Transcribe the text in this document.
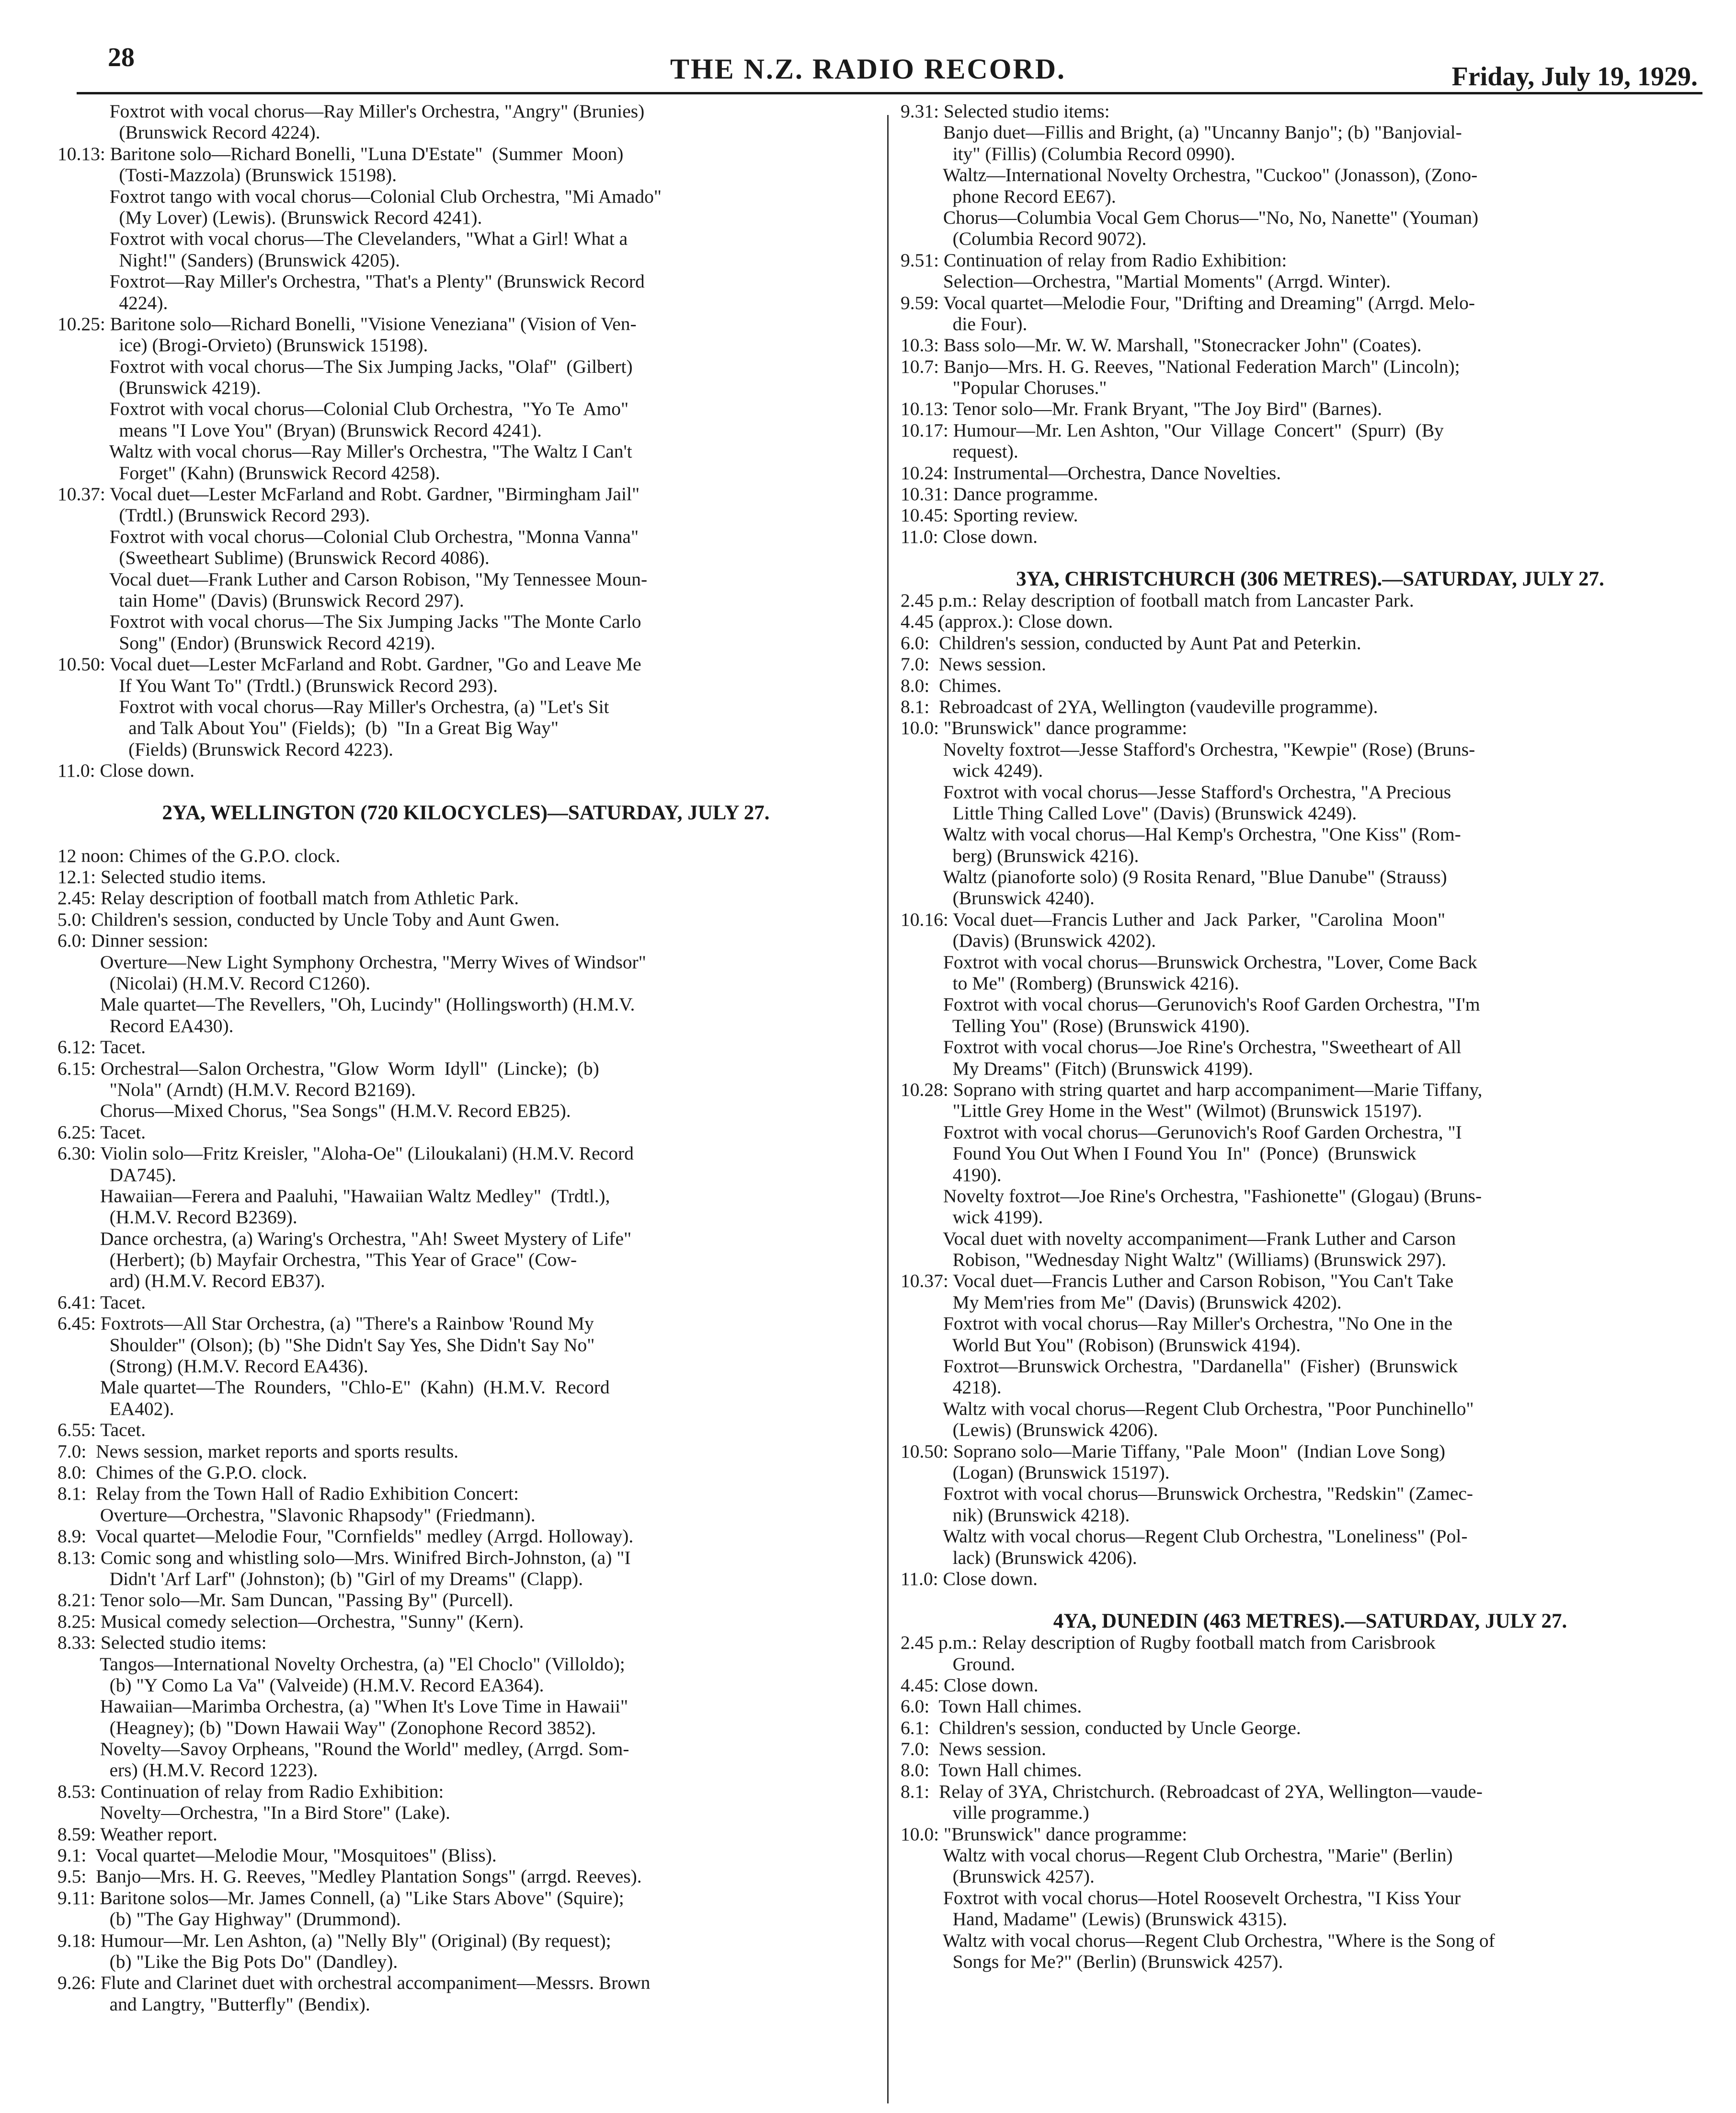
28	THE N.Z. RADIO RECORD.	Friday, July 19, 1929.
Foxtrot with vocal chorus—Ray Miller's Orchestra, "Angry" (Brunies)
(Brunswick Record 4224).
10.13: Baritone solo—Richard Bonelli, "Luna D'Estate"  (Summer  Moon)
(Tosti-Mazzola) (Brunswick 15198).
Foxtrot tango with vocal chorus—Colonial Club Orchestra, "Mi Amado"
(My Lover) (Lewis). (Brunswick Record 4241).
Foxtrot with vocal chorus—The Clevelanders, "What a Girl! What a
Night!" (Sanders) (Brunswick 4205).
Foxtrot—Ray Miller's Orchestra, "That's a Plenty" (Brunswick Record
4224).
10.25: Baritone solo—Richard Bonelli, "Visione Veneziana" (Vision of Ven-
ice) (Brogi-Orvieto) (Brunswick 15198).
Foxtrot with vocal chorus—The Six Jumping Jacks, "Olaf"  (Gilbert)
(Brunswick 4219).
Foxtrot with vocal chorus—Colonial Club Orchestra,  "Yo Te  Amo"
means "I Love You" (Bryan) (Brunswick Record 4241).
Waltz with vocal chorus—Ray Miller's Orchestra, "The Waltz I Can't
Forget" (Kahn) (Brunswick Record 4258).
10.37: Vocal duet—Lester McFarland and Robt. Gardner, "Birmingham Jail"
(Trdtl.) (Brunswick Record 293).
Foxtrot with vocal chorus—Colonial Club Orchestra, "Monna Vanna"
(Sweetheart Sublime) (Brunswick Record 4086).
Vocal duet—Frank Luther and Carson Robison, "My Tennessee Moun-
tain Home" (Davis) (Brunswick Record 297).
Foxtrot with vocal chorus—The Six Jumping Jacks "The Monte Carlo
Song" (Endor) (Brunswick Record 4219).
10.50: Vocal duet—Lester McFarland and Robt. Gardner, "Go and Leave Me
If You Want To" (Trdtl.) (Brunswick Record 293).
Foxtrot with vocal chorus—Ray Miller's Orchestra, (a) "Let's Sit
and Talk About You" (Fields);  (b)  "In a Great Big Way"
(Fields) (Brunswick Record 4223).
11.0: Close down.
2YA, WELLINGTON (720 KILOCYCLES)—SATURDAY, JULY 27.
12 noon: Chimes of the G.P.O. clock.
12.1: Selected studio items.
2.45: Relay description of football match from Athletic Park.
5.0: Children's session, conducted by Uncle Toby and Aunt Gwen.
6.0: Dinner session:
Overture—New Light Symphony Orchestra, "Merry Wives of Windsor"
(Nicolai) (H.M.V. Record C1260).
Male quartet—The Revellers, "Oh, Lucindy" (Hollingsworth) (H.M.V.
Record EA430).
6.12: Tacet.
6.15: Orchestral—Salon Orchestra, "Glow  Worm  Idyll"  (Lincke);  (b)
"Nola" (Arndt) (H.M.V. Record B2169).
Chorus—Mixed Chorus, "Sea Songs" (H.M.V. Record EB25).
6.25: Tacet.
6.30: Violin solo—Fritz Kreisler, "Aloha-Oe" (Liloukalani) (H.M.V. Record
DA745).
Hawaiian—Ferera and Paaluhi, "Hawaiian Waltz Medley"  (Trdtl.),
(H.M.V. Record B2369).
Dance orchestra, (a) Waring's Orchestra, "Ah! Sweet Mystery of Life"
(Herbert); (b) Mayfair Orchestra, "This Year of Grace" (Cow-
ard) (H.M.V. Record EB37).
6.41: Tacet.
6.45: Foxtrots—All Star Orchestra, (a) "There's a Rainbow 'Round My
Shoulder" (Olson); (b) "She Didn't Say Yes, She Didn't Say No"
(Strong) (H.M.V. Record EA436).
Male quartet—The  Rounders,  "Chlo-E"  (Kahn)  (H.M.V.  Record
EA402).
6.55: Tacet.
7.0:  News session, market reports and sports results.
8.0:  Chimes of the G.P.O. clock.
8.1:  Relay from the Town Hall of Radio Exhibition Concert:
Overture—Orchestra, "Slavonic Rhapsody" (Friedmann).
8.9:  Vocal quartet—Melodie Four, "Cornfields" medley (Arrgd. Holloway).
8.13: Comic song and whistling solo—Mrs. Winifred Birch-Johnston, (a) "I
Didn't 'Arf Larf" (Johnston); (b) "Girl of my Dreams" (Clapp).
8.21: Tenor solo—Mr. Sam Duncan, "Passing By" (Purcell).
8.25: Musical comedy selection—Orchestra, "Sunny" (Kern).
8.33: Selected studio items:
Tangos—International Novelty Orchestra, (a) "El Choclo" (Villoldo);
(b) "Y Como La Va" (Valveide) (H.M.V. Record EA364).
Hawaiian—Marimba Orchestra, (a) "When It's Love Time in Hawaii"
(Heagney); (b) "Down Hawaii Way" (Zonophone Record 3852).
Novelty—Savoy Orpheans, "Round the World" medley, (Arrgd. Som-
ers) (H.M.V. Record 1223).
8.53: Continuation of relay from Radio Exhibition:
Novelty—Orchestra, "In a Bird Store" (Lake).
8.59: Weather report.
9.1:  Vocal quartet—Melodie Mour, "Mosquitoes" (Bliss).
9.5:  Banjo—Mrs. H. G. Reeves, "Medley Plantation Songs" (arrgd. Reeves).
9.11: Baritone solos—Mr. James Connell, (a) "Like Stars Above" (Squire);
(b) "The Gay Highway" (Drummond).
9.18: Humour—Mr. Len Ashton, (a) "Nelly Bly" (Original) (By request);
(b) "Like the Big Pots Do" (Dandley).
9.26: Flute and Clarinet duet with orchestral accompaniment—Messrs. Brown
and Langtry, "Butterfly" (Bendix).
9.31: Selected studio items:
Banjo duet—Fillis and Bright, (a) "Uncanny Banjo"; (b) "Banjovial-
ity" (Fillis) (Columbia Record 0990).
Waltz—International Novelty Orchestra, "Cuckoo" (Jonasson), (Zono-
phone Record EE67).
Chorus—Columbia Vocal Gem Chorus—"No, No, Nanette" (Youman)
(Columbia Record 9072).
9.51: Continuation of relay from Radio Exhibition:
Selection—Orchestra, "Martial Moments" (Arrgd. Winter).
9.59: Vocal quartet—Melodie Four, "Drifting and Dreaming" (Arrgd. Melo-
die Four).
10.3: Bass solo—Mr. W. W. Marshall, "Stonecracker John" (Coates).
10.7: Banjo—Mrs. H. G. Reeves, "National Federation March" (Lincoln);
"Popular Choruses."
10.13: Tenor solo—Mr. Frank Bryant, "The Joy Bird" (Barnes).
10.17: Humour—Mr. Len Ashton, "Our  Village  Concert"  (Spurr)  (By
request).
10.24: Instrumental—Orchestra, Dance Novelties.
10.31: Dance programme.
10.45: Sporting review.
11.0: Close down.
3YA, CHRISTCHURCH (306 METRES).—SATURDAY, JULY 27.
2.45 p.m.: Relay description of football match from Lancaster Park.
4.45 (approx.): Close down.
6.0:  Children's session, conducted by Aunt Pat and Peterkin.
7.0:  News session.
8.0:  Chimes.
8.1:  Rebroadcast of 2YA, Wellington (vaudeville programme).
10.0: "Brunswick" dance programme:
Novelty foxtrot—Jesse Stafford's Orchestra, "Kewpie" (Rose) (Bruns-
wick 4249).
Foxtrot with vocal chorus—Jesse Stafford's Orchestra, "A Precious
Little Thing Called Love" (Davis) (Brunswick 4249).
Waltz with vocal chorus—Hal Kemp's Orchestra, "One Kiss" (Rom-
berg) (Brunswick 4216).
Waltz (pianoforte solo) (9 Rosita Renard, "Blue Danube" (Strauss)
(Brunswick 4240).
10.16: Vocal duet—Francis Luther and  Jack  Parker,  "Carolina  Moon"
(Davis) (Brunswick 4202).
Foxtrot with vocal chorus—Brunswick Orchestra, "Lover, Come Back
to Me" (Romberg) (Brunswick 4216).
Foxtrot with vocal chorus—Gerunovich's Roof Garden Orchestra, "I'm
Telling You" (Rose) (Brunswick 4190).
Foxtrot with vocal chorus—Joe Rine's Orchestra, "Sweetheart of All
My Dreams" (Fitch) (Brunswick 4199).
10.28: Soprano with string quartet and harp accompaniment—Marie Tiffany,
"Little Grey Home in the West" (Wilmot) (Brunswick 15197).
Foxtrot with vocal chorus—Gerunovich's Roof Garden Orchestra, "I
Found You Out When I Found You  In"  (Ponce)  (Brunswick
4190).
Novelty foxtrot—Joe Rine's Orchestra, "Fashionette" (Glogau) (Bruns-
wick 4199).
Vocal duet with novelty accompaniment—Frank Luther and Carson
Robison, "Wednesday Night Waltz" (Williams) (Brunswick 297).
10.37: Vocal duet—Francis Luther and Carson Robison, "You Can't Take
My Mem'ries from Me" (Davis) (Brunswick 4202).
Foxtrot with vocal chorus—Ray Miller's Orchestra, "No One in the
World But You" (Robison) (Brunswick 4194).
Foxtrot—Brunswick Orchestra,  "Dardanella"  (Fisher)  (Brunswick
4218).
Waltz with vocal chorus—Regent Club Orchestra, "Poor Punchinello"
(Lewis) (Brunswick 4206).
10.50: Soprano solo—Marie Tiffany, "Pale  Moon"  (Indian Love Song)
(Logan) (Brunswick 15197).
Foxtrot with vocal chorus—Brunswick Orchestra, "Redskin" (Zamec-
nik) (Brunswick 4218).
Waltz with vocal chorus—Regent Club Orchestra, "Loneliness" (Pol-
lack) (Brunswick 4206).
11.0: Close down.
4YA, DUNEDIN (463 METRES).—SATURDAY, JULY 27.
2.45 p.m.: Relay description of Rugby football match from Carisbrook
Ground.
4.45: Close down.
6.0:  Town Hall chimes.
6.1:  Children's session, conducted by Uncle George.
7.0:  News session.
8.0:  Town Hall chimes.
8.1:  Relay of 3YA, Christchurch. (Rebroadcast of 2YA, Wellington—vaude-
ville programme.)
10.0: "Brunswick" dance programme:
Waltz with vocal chorus—Regent Club Orchestra, "Marie" (Berlin)
(Brunswick 4257).
Foxtrot with vocal chorus—Hotel Roosevelt Orchestra, "I Kiss Your
Hand, Madame" (Lewis) (Brunswick 4315).
Waltz with vocal chorus—Regent Club Orchestra, "Where is the Song of
Songs for Me?" (Berlin) (Brunswick 4257).
